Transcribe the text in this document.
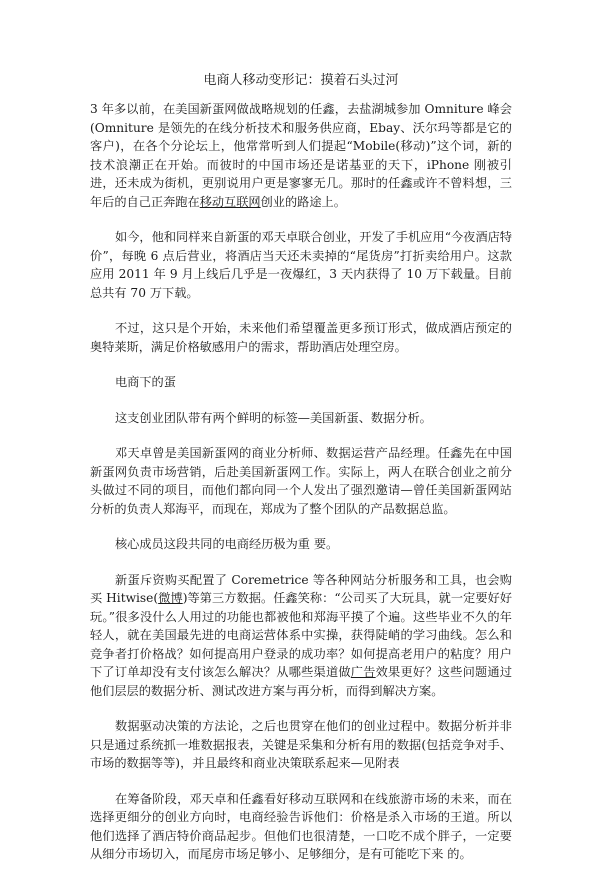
电商人移动变形记：摸着石头过河

3 年多以前，在美国新蛋网做战略规划的任鑫，去盐湖城参加 Omniture 峰会 (Omniture 是领先的在线分析技术和服务供应商，Ebay、沃尔玛等都是它的客户)，在各个分论坛上，他常常听到人们提起“Mobile(移动)”这个词，新的技术浪潮正在开始。而彼时的中国市场还是诺基亚的天下，iPhone 刚被引进，还未成为街机，更别说用户更是寥寥无几。那时的任鑫或许不曾料想，三年后的自己正奔跑在移动互联网创业的路途上。

如今，他和同样来自新蛋的邓天卓联合创业，开发了手机应用“今夜酒店特价”，每晚 6 点后营业，将酒店当天还未卖掉的“尾货房”打折卖给用户。这款应用 2011 年 9 月上线后几乎是一夜爆红，3 天内获得了 10 万下载量。目前总共有 70 万下载。

不过，这只是个开始，未来他们希望覆盖更多预订形式，做成酒店预定的奥特莱斯，满足价格敏感用户的需求，帮助酒店处理空房。

电商下的蛋

这支创业团队带有两个鲜明的标签—美国新蛋、数据分析。

邓天卓曾是美国新蛋网的商业分析师、数据运营产品经理。任鑫先在中国新蛋网负责市场营销，后赴美国新蛋网工作。实际上，两人在联合创业之前分头做过不同的项目，而他们都向同一个人发出了强烈邀请—曾任美国新蛋网站分析的负责人郑海平，而现在，郑成为了整个团队的产品数据总监。

核心成员这段共同的电商经历极为重 要。

新蛋斥资购买配置了 Coremetrice 等各种网站分析服务和工具，也会购买 Hitwise(微博)等第三方数据。任鑫笑称：“公司买了大玩具，就一定要好好玩。”很多没什么人用过的功能也都被他和郑海平摸了个遍。这些毕业不久的年轻人，就在美国最先进的电商运营体系中实操，获得陡峭的学习曲线。怎么和竞争者打价格战？如何提高用户登录的成功率？如何提高老用户的粘度？用户下了订单却没有支付该怎么解决？从哪些渠道做广告效果更好？这些问题通过他们层层的数据分析、测试改进方案与再分析，而得到解决方案。

数据驱动决策的方法论，之后也贯穿在他们的创业过程中。数据分析并非只是通过系统抓一堆数据报表，关键是采集和分析有用的数据(包括竞争对手、市场的数据等等)，并且最终和商业决策联系起来—见附表

在筹备阶段，邓天卓和任鑫看好移动互联网和在线旅游市场的未来，而在选择更细分的创业方向时，电商经验告诉他们：价格是杀入市场的王道。所以他们选择了酒店特价商品起步。但他们也很清楚，一口吃不成个胖子，一定要从细分市场切入，而尾房市场足够小、足够细分，是有可能吃下来 的。
